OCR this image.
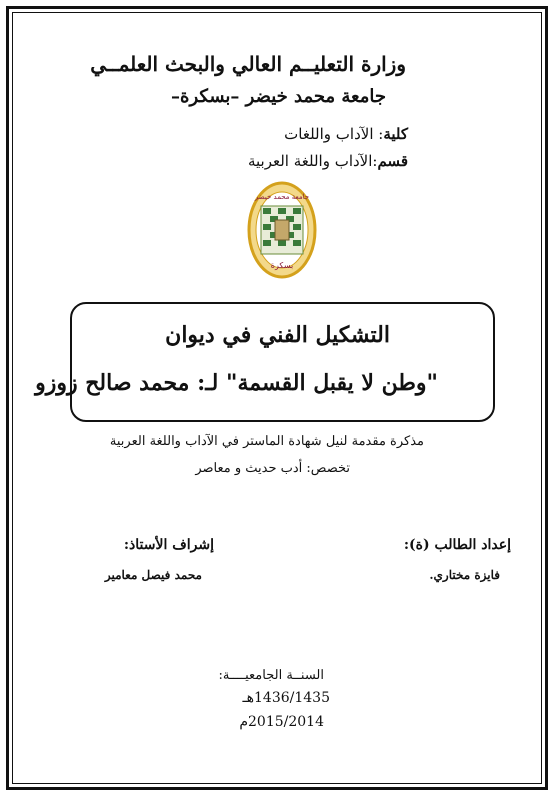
وزارة التعليــم العالي والبحث العلمــي
جامعة محمد خيضر –بسكرة–
كلية: الآداب واللغات
قسم:الآداب واللغة العربية
جامعة محمد خيضر
بسكرة
التشكيل الفني في ديوان
"وطن لا يقبل القسمة" لـ: محمد صالح زوزو
مذكرة مقدمة لنيل شهادة الماستر في الآداب واللغة العربية
تخصص: أدب حديث و معاصر
إعداد الطالب (ة):
إشراف الأستاذ:
فايزة مختاري.
محمد فيصل معامير
السنــة الجامعيــــة:
1436/1435هـ
2015/2014م
